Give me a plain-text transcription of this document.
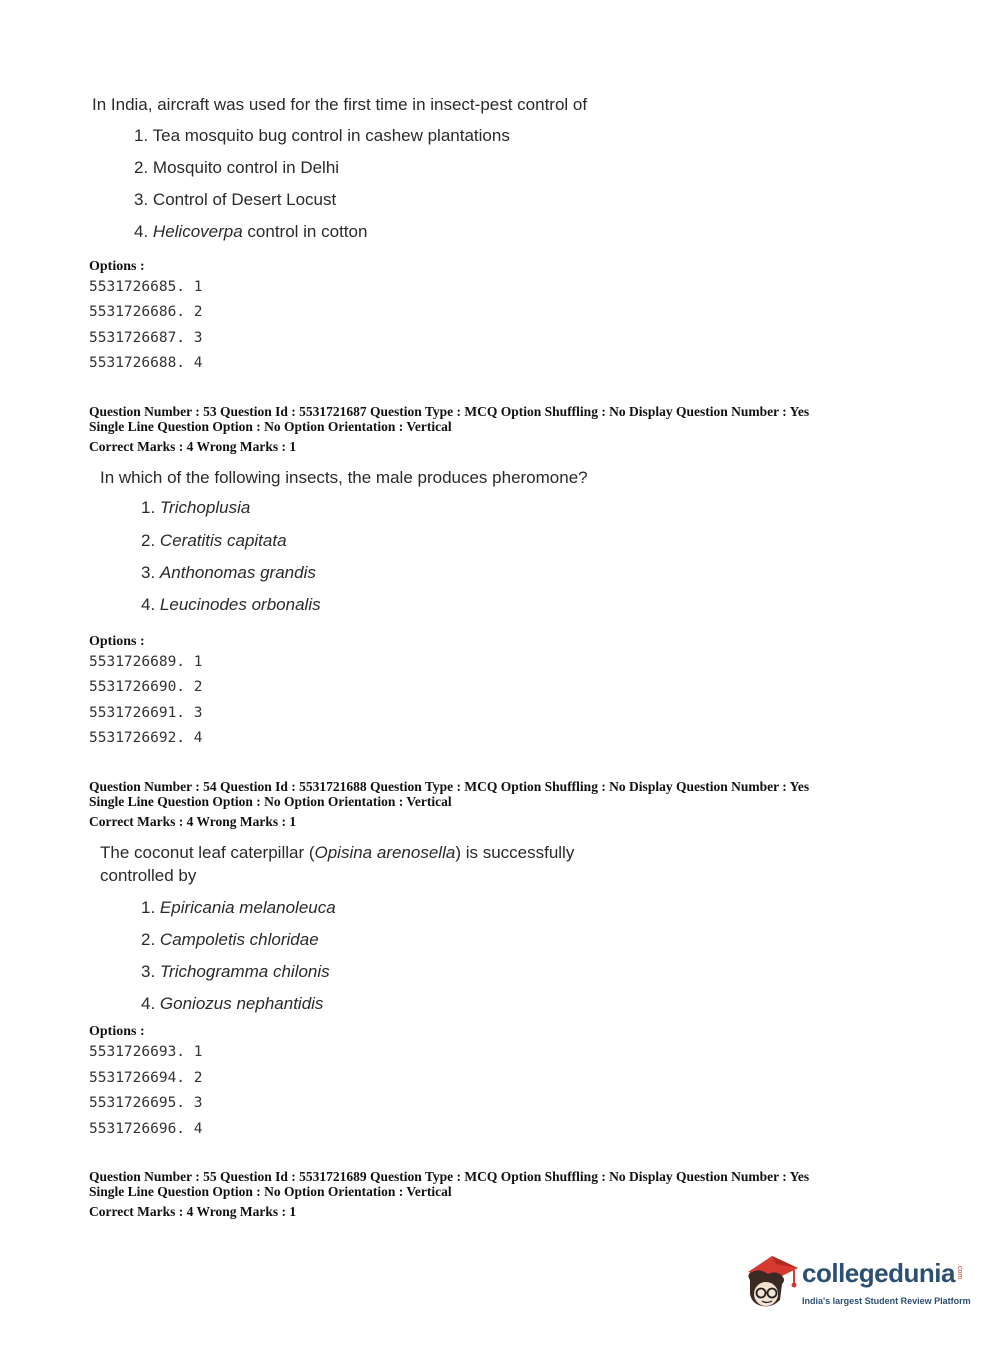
In India, aircraft was used for the first time in insect-pest control of
1. Tea mosquito bug control in cashew plantations
2. Mosquito control in Delhi
3. Control of Desert Locust
4. Helicoverpa control in cotton
Options :
5531726685. 1
5531726686. 2
5531726687. 3
5531726688. 4
Question Number : 53 Question Id : 5531721687 Question Type : MCQ Option Shuffling : No Display Question Number : Yes
Single Line Question Option : No Option Orientation : Vertical
Correct Marks : 4 Wrong Marks : 1
In which of the following insects, the male produces pheromone?
1. Trichoplusia
2. Ceratitis capitata
3. Anthonomas grandis
4. Leucinodes orbonalis
Options :
5531726689. 1
5531726690. 2
5531726691. 3
5531726692. 4
Question Number : 54 Question Id : 5531721688 Question Type : MCQ Option Shuffling : No Display Question Number : Yes
Single Line Question Option : No Option Orientation : Vertical
Correct Marks : 4 Wrong Marks : 1
The coconut leaf caterpillar (Opisina arenosella) is successfully
controlled by
1. Epiricania melanoleuca
2. Campoletis chloridae
3. Trichogramma chilonis
4. Goniozus nephantidis
Options :
5531726693. 1
5531726694. 2
5531726695. 3
5531726696. 4
Question Number : 55 Question Id : 5531721689 Question Type : MCQ Option Shuffling : No Display Question Number : Yes
Single Line Question Option : No Option Orientation : Vertical
Correct Marks : 4 Wrong Marks : 1
collegedunia .com
India's largest Student Review Platform
